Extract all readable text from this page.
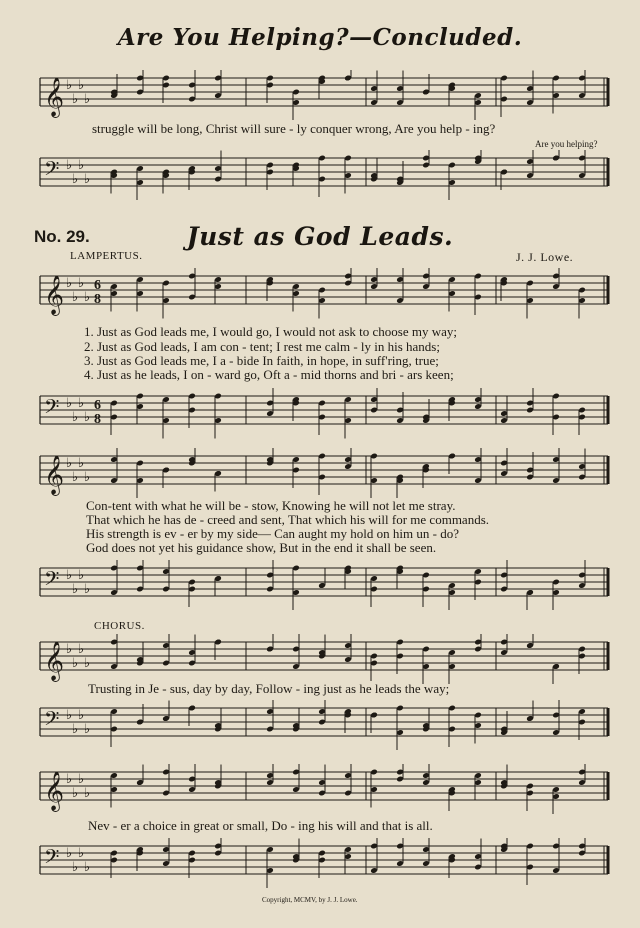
Are You Helping?—Concluded.
𝄞 ♭
♭
♭
♭
struggle will be long, Christ will sure - ly conquer wrong, Are you help - ing?
Are you helping?
𝄢 ♭
♭
♭
♭
No. 29.	Just as God Leads.
LAMPERTUS.	J. J. Lowe.
𝄞 ♭
♭
♭
♭
6
8
1. Just as God leads me, I would go, I would not ask to choose my way;
2. Just as God leads, I am con - tent; I rest me calm - ly in his hands;
3. Just as God leads me, I a - bide In faith, in hope, in suff'ring, true;
4. Just as he leads, I on - ward go, Oft a - mid thorns and bri - ars keen;
𝄢 ♭
♭
♭
♭
6
8
𝄞 ♭
♭
♭
♭
Con-tent with what he will be - stow, Knowing he will not let me stray.
That which he has de - creed and sent, That which his will for me commands.
His strength is ev - er by my side— Can aught my hold on him un - do?
God does not yet his guidance show, But in the end it shall be seen.
𝄢 ♭
♭
♭
♭
CHORUS.
𝄞 ♭
♭
♭
♭
Trusting in Je - sus, day by day, Follow - ing just as he leads the way;
𝄢 ♭
♭
♭
♭
𝄞 ♭
♭
♭
♭
Nev - er a choice in great or small, Do - ing his will and that is all.
𝄢 ♭
♭
♭
♭
Copyright, MCMV, by J. J. Lowe.
